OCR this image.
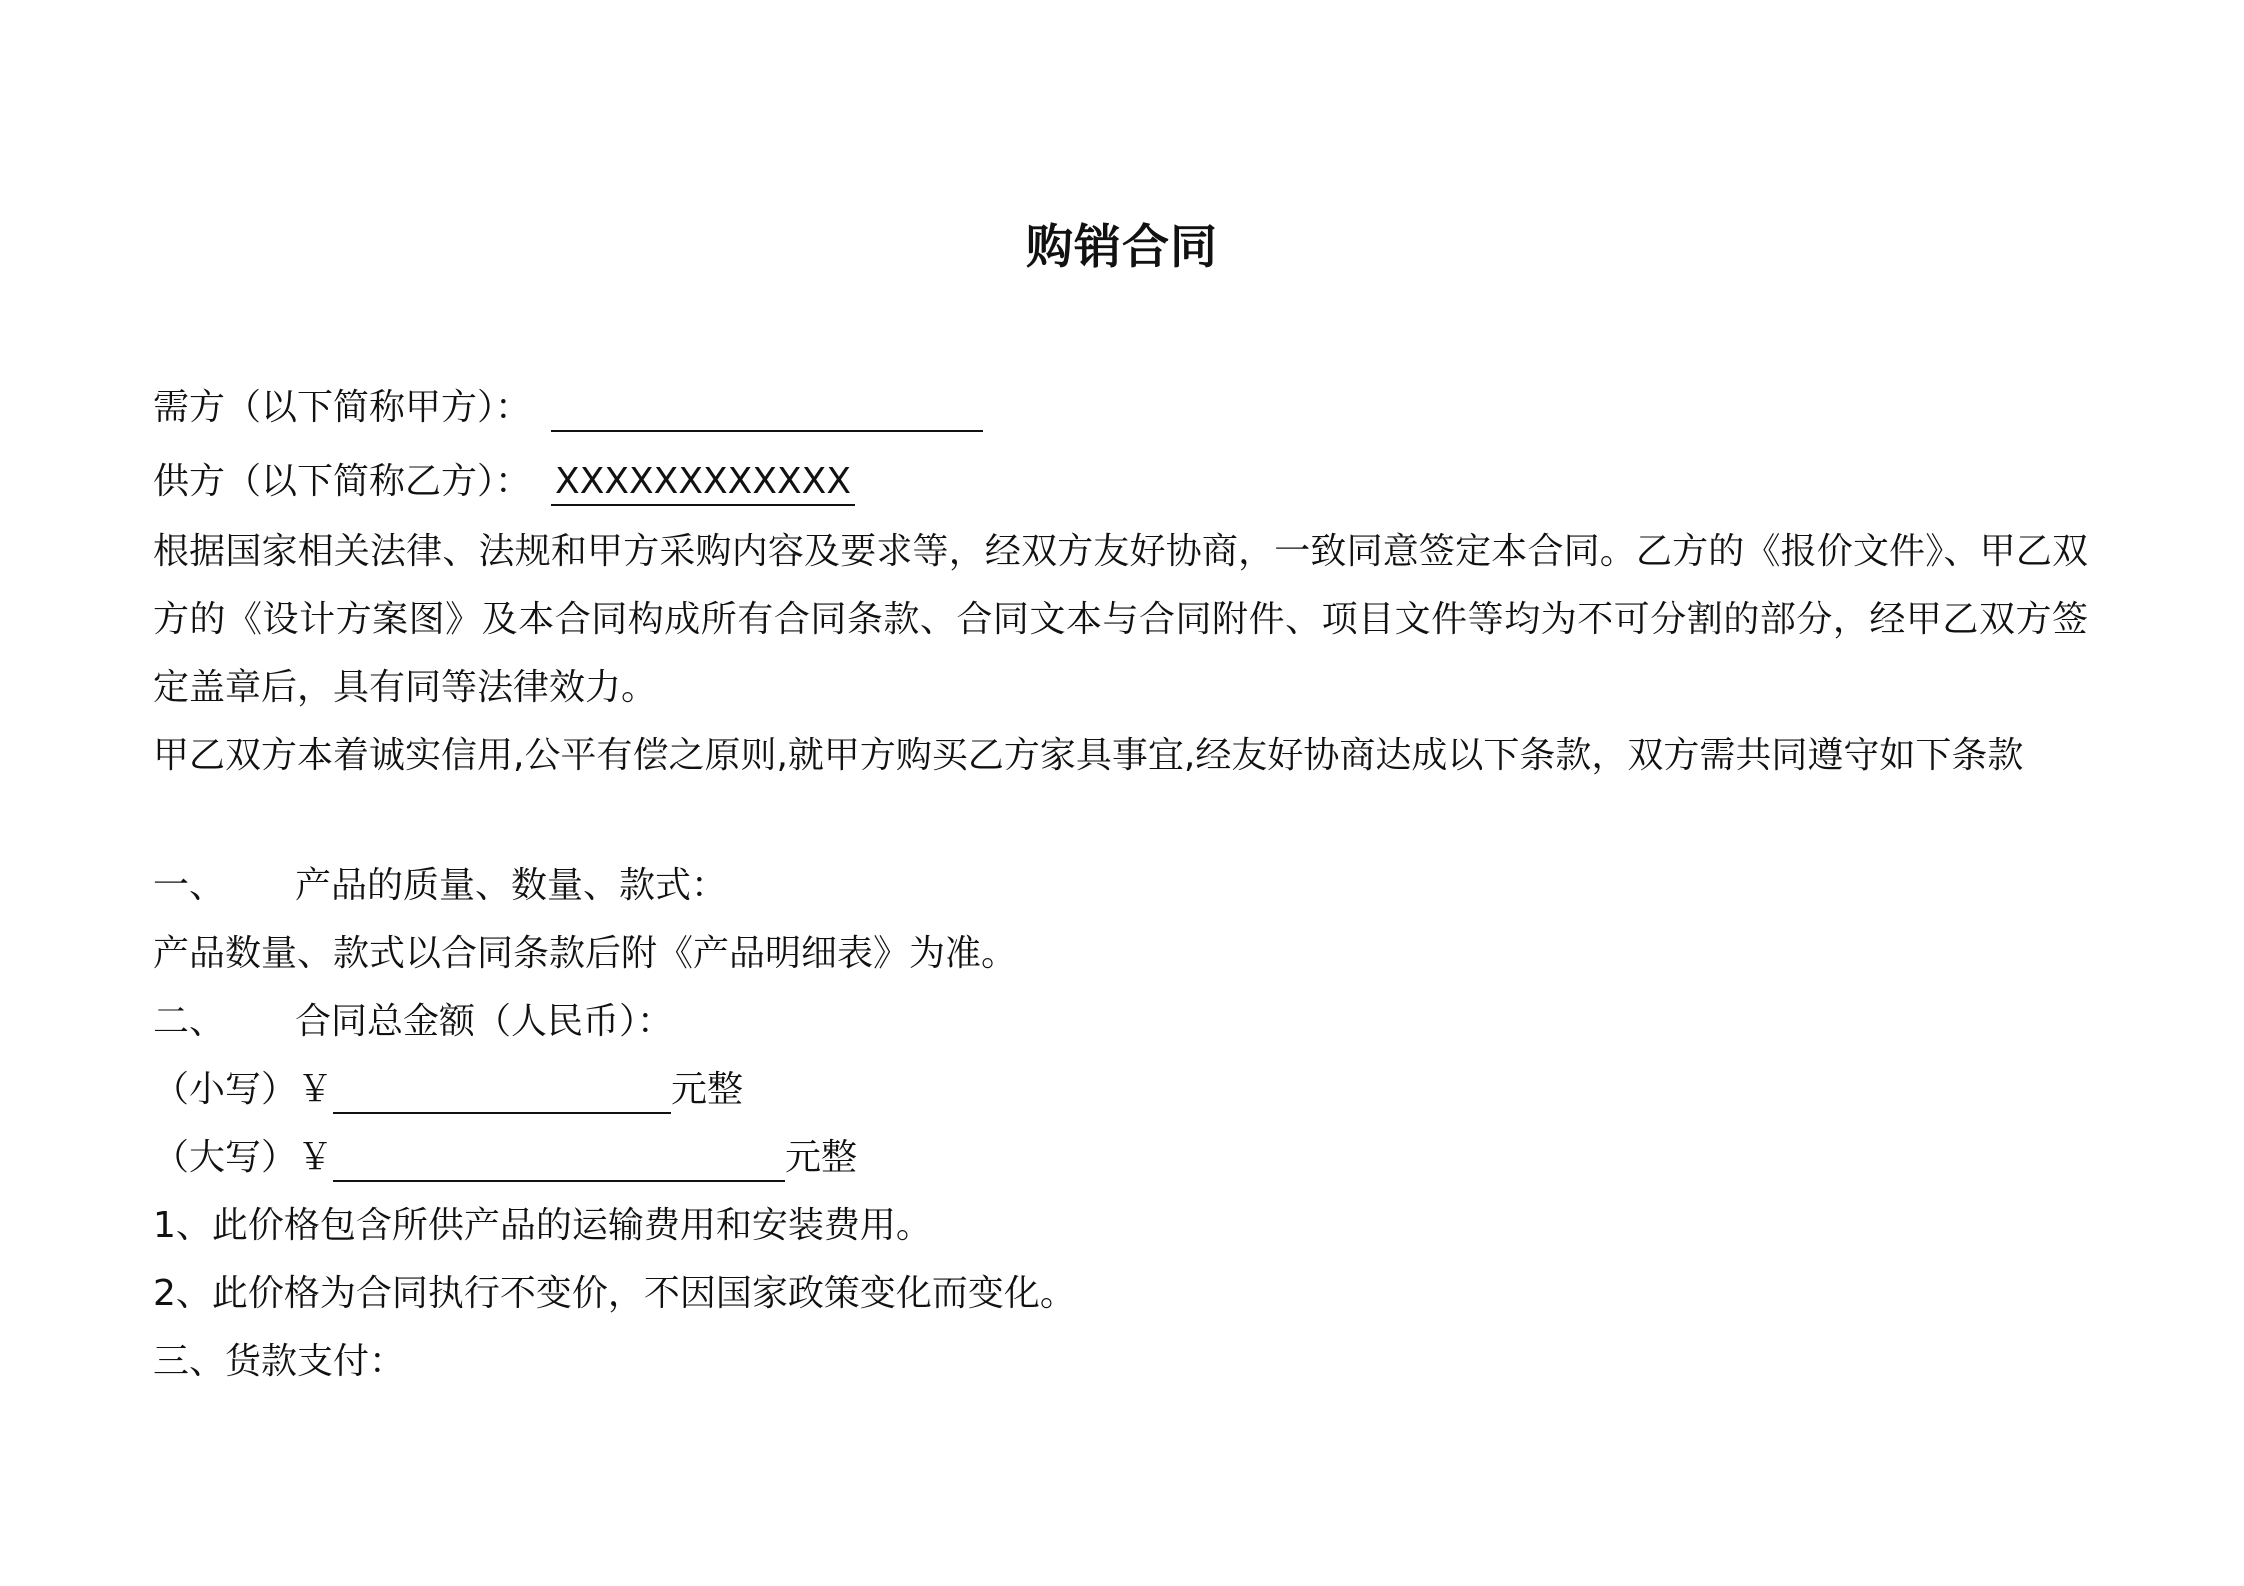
购销合同
需方（以下简称甲方）：
供方（以下简称乙方）： XXXXXXXXXXXX
根据国家相关法律、法规和甲方采购内容及要求等，经双方友好协商，一致同意签定本合同。乙方的《报价文件》、甲乙双方的《设计方案图》及本合同构成所有合同条款、合同文本与合同附件、项目文件等均为不可分割的部分，经甲乙双方签定盖章后，具有同等法律效力。
甲乙双方本着诚实信用,公平有偿之原则,就甲方购买乙方家具事宜,经友好协商达成以下条款，双方需共同遵守如下条款
一、 产品的质量、数量、款式：
产品数量、款式以合同条款后附《产品明细表》为准。
二、 合同总金额（人民币）：
（小写）￥	元整
（大写）￥	元整
1、此价格包含所供产品的运输费用和安装费用。
2、此价格为合同执行不变价，不因国家政策变化而变化。
三、货款支付：
